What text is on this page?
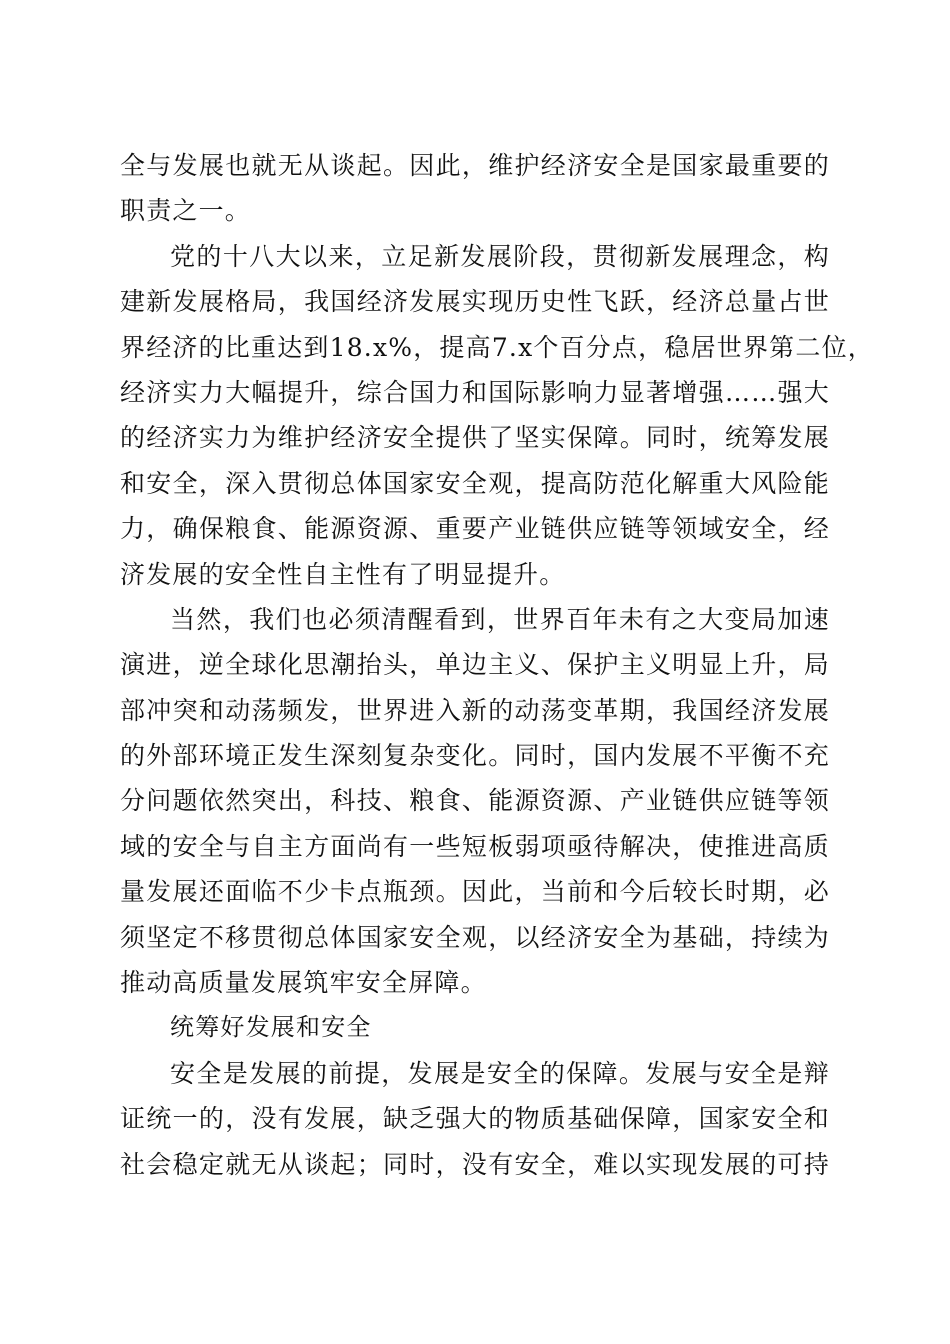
全与发展也就无从谈起。因此，维护经济安全是国家最重要的
职责之一。
党的十八大以来，立足新发展阶段，贯彻新发展理念，构
建新发展格局，我国经济发展实现历史性飞跃，经济总量占世
界经济的比重达到18.x%，提高7.x个百分点，稳居世界第二位，
经济实力大幅提升，综合国力和国际影响力显著增强……强大
的经济实力为维护经济安全提供了坚实保障。同时，统筹发展
和安全，深入贯彻总体国家安全观，提高防范化解重大风险能
力，确保粮食、能源资源、重要产业链供应链等领域安全，经
济发展的安全性自主性有了明显提升。
当然，我们也必须清醒看到，世界百年未有之大变局加速
演进，逆全球化思潮抬头，单边主义、保护主义明显上升，局
部冲突和动荡频发，世界进入新的动荡变革期，我国经济发展
的外部环境正发生深刻复杂变化。同时，国内发展不平衡不充
分问题依然突出，科技、粮食、能源资源、产业链供应链等领
域的安全与自主方面尚有一些短板弱项亟待解决，使推进高质
量发展还面临不少卡点瓶颈。因此，当前和今后较长时期，必
须坚定不移贯彻总体国家安全观，以经济安全为基础，持续为
推动高质量发展筑牢安全屏障。
统筹好发展和安全
安全是发展的前提，发展是安全的保障。发展与安全是辩
证统一的，没有发展，缺乏强大的物质基础保障，国家安全和
社会稳定就无从谈起；同时，没有安全，难以实现发展的可持
